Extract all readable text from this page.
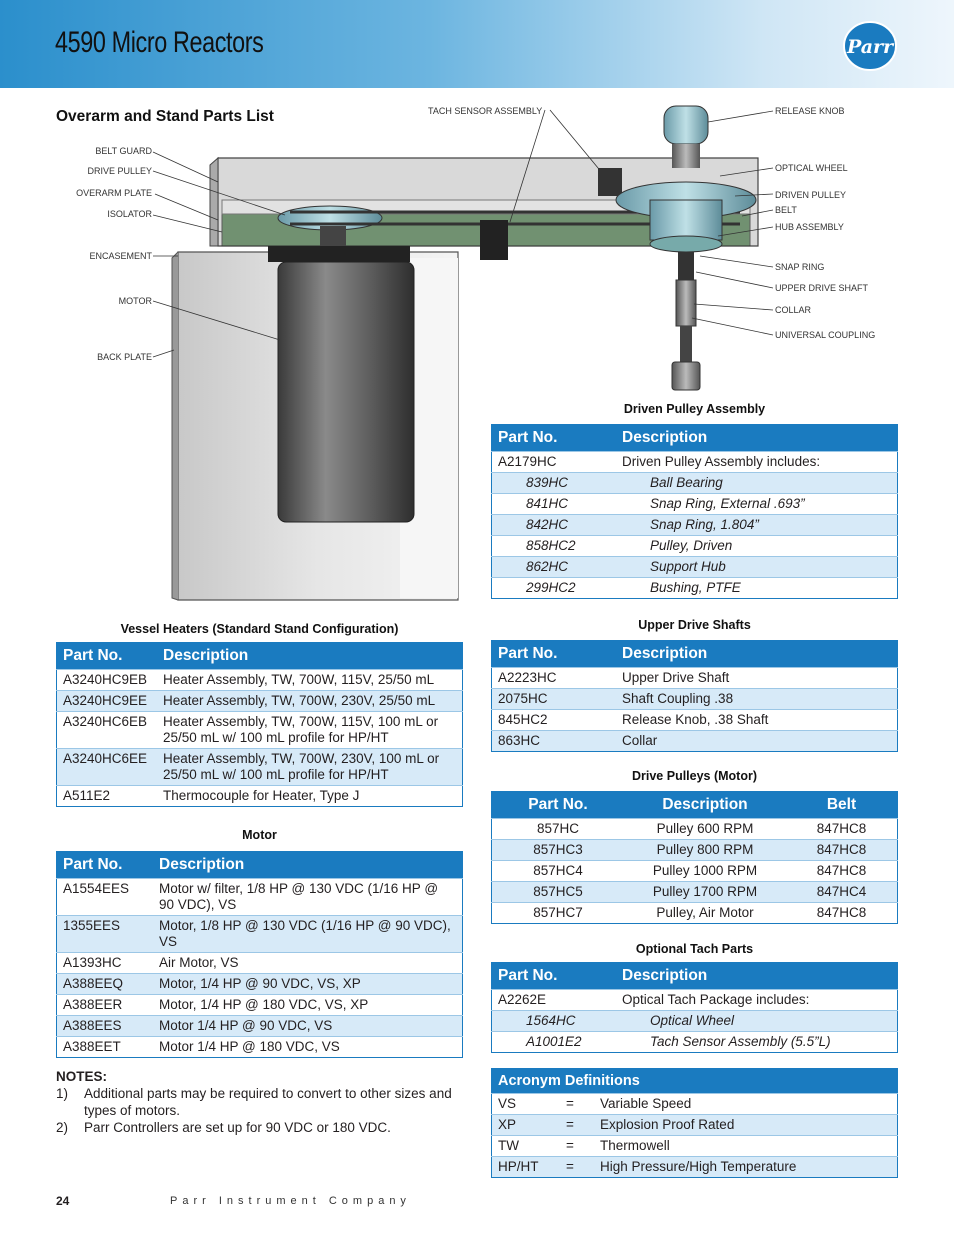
4590 Micro Reactors	Parr
Overarm and Stand Parts List
BELT GUARD
DRIVE PULLEY
OVERARM PLATE
ISOLATOR
ENCASEMENT
MOTOR
BACK PLATE
TACH SENSOR ASSEMBLY	RELEASE KNOB
OPTICAL WHEEL
DRIVEN PULLEY
BELT
HUB ASSEMBLY
SNAP RING
UPPER DRIVE SHAFT
COLLAR
UNIVERSAL COUPLING
Driven Pulley Assembly
Part No.	Description
A2179HC	Driven Pulley Assembly includes:
839HC	Ball Bearing
841HC	Snap Ring, External .693”
842HC	Snap Ring, 1.804”
858HC2	Pulley, Driven
862HC	Support Hub
299HC2	Bushing, PTFE
Upper Drive Shafts
Part No.	Description
A2223HC	Upper Drive Shaft
2075HC	Shaft Coupling .38
845HC2	Release Knob, .38 Shaft
863HC	Collar
Drive Pulleys (Motor)
Part No.	Description	Belt
857HC	Pulley 600 RPM	847HC8
857HC3	Pulley 800 RPM	847HC8
857HC4	Pulley 1000 RPM	847HC8
857HC5	Pulley 1700 RPM	847HC4
857HC7	Pulley, Air Motor	847HC8
Optional Tach Parts
Part No.	Description
A2262E	Optical Tach Package includes:
1564HC	Optical Wheel
A1001E2	Tach Sensor Assembly (5.5”L)
Acronym Definitions		
VS	=	Variable Speed
XP	=	Explosion Proof Rated
TW	=	Thermowell
HP/HT	=	High Pressure/High Temperature
Vessel Heaters (Standard Stand Configuration)
Part No.	Description
A3240HC9EB	Heater Assembly, TW, 700W, 115V, 25/50 mL
A3240HC9EE	Heater Assembly, TW, 700W, 230V, 25/50 mL
A3240HC6EB	Heater Assembly, TW, 700W, 115V, 100 mL or 25/50 mL w/ 100 mL profile for HP/HT
A3240HC6EE	Heater Assembly, TW, 700W, 230V, 100 mL or 25/50 mL w/ 100 mL profile for HP/HT
A511E2	Thermocouple for Heater, Type J
Motor
Part No.	Description
A1554EES	Motor w/ filter, 1/8 HP @ 130 VDC (1/16 HP @ 90 VDC), VS
1355EES	Motor, 1/8 HP @ 130 VDC (1/16 HP @ 90 VDC), VS
A1393HC	Air Motor, VS
A388EEQ	Motor, 1/4 HP @ 90 VDC, VS, XP
A388EER	Motor, 1/4 HP @ 180 VDC, VS, XP
A388EES	Motor 1/4 HP @ 90 VDC, VS
A388EET	Motor 1/4 HP @ 180 VDC, VS
NOTES:
1)	Additional parts may be required to convert to other sizes and types of motors.
2)	Parr Controllers are set up for 90 VDC or 180 VDC.
24	Parr Instrument Company
